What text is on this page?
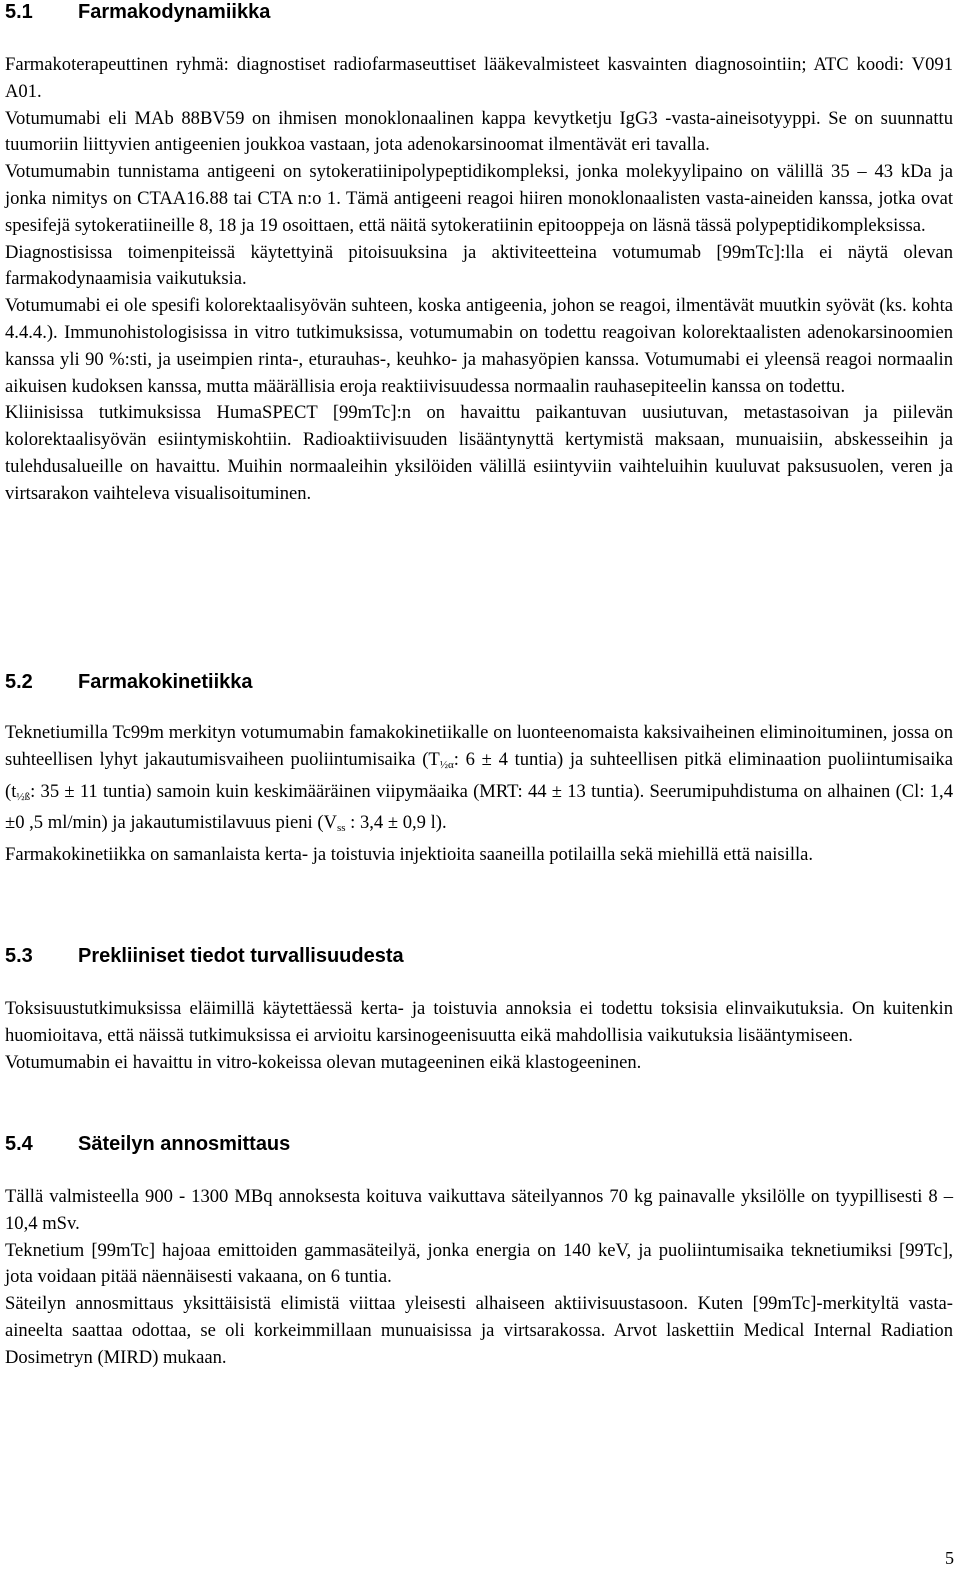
5.1	Farmakodynamiikka

Farmakoterapeuttinen ryhmä: diagnostiset radiofarmaseuttiset lääkevalmisteet kasvainten diagnosointiin; ATC koodi: V091 A01.

Votumumabi eli MAb 88BV59 on ihmisen monoklonaalinen kappa kevytketju IgG3 -vasta-aineisotyyppi. Se on suunnattu tuumoriin liittyvien antigeenien joukkoa vastaan, jota adenokarsinoomat ilmentävät eri tavalla.

Votumumabin tunnistama antigeeni on sytokeratiinipolypeptidikompleksi, jonka molekyylipaino on välillä 35 – 43 kDa ja jonka nimitys on CTAA16.88 tai CTA n:o 1. Tämä antigeeni reagoi hiiren monoklonaalisten vasta-aineiden kanssa, jotka ovat spesifejä sytokeratiineille 8, 18 ja 19 osoittaen, että näitä sytokeratiinin epitooppeja on läsnä tässä polypeptidikompleksissa.

Diagnostisissa toimenpiteissä käytettyinä pitoisuuksina ja aktiviteetteina votumumab [99mTc]:lla ei näytä olevan farmakodynaamisia vaikutuksia.

Votumumabi ei ole spesifi kolorektaalisyövän suhteen, koska antigeenia, johon se reagoi, ilmentävät muutkin syövät (ks. kohta 4.4.4.). Immunohistologisissa in vitro tutkimuksissa, votumumabin on todettu reagoivan kolorektaalisten adenokarsinoomien kanssa yli 90 %:sti, ja useimpien rinta-, eturauhas-, keuhko- ja mahasyöpien kanssa. Votumumabi ei yleensä reagoi normaalin aikuisen kudoksen kanssa, mutta määrällisia eroja reaktiivisuudessa normaalin rauhasepiteelin kanssa on todettu.

Kliinisissa tutkimuksissa HumaSPECT [99mTc]:n on havaittu paikantuvan uusiutuvan, metastasoivan ja piilevän kolorektaalisyövän esiintymiskohtiin. Radioaktiivisuuden lisääntynyttä kertymistä maksaan, munuaisiin, abskesseihin ja tulehdusalueille on havaittu. Muihin normaaleihin yksilöiden välillä esiintyviin vaihteluihin kuuluvat paksusuolen, veren ja virtsarakon vaihteleva visualisoituminen.

5.2	Farmakokinetiikka

Teknetiumilla Tc99m merkityn votumumabin famakokinetiikalle on luonteenomaista kaksivaiheinen eliminoituminen, jossa on suhteellisen lyhyt jakautumisvaiheen puoliintumisaika ($T_{\frac{1}{2}\alpha}$: 6 ± 4 tuntia) ja suhteellisen pitkä eliminaation puoliintumisaika ($t_{\frac{1}{2}ß}$: 35 ± 11 tuntia) samoin kuin keskimääräinen viipymäaika (MRT: 44 ± 13 tuntia). Seerumipuhdistuma on alhainen (Cl: 1,4 ±0 ,5 ml/min) ja jakautumistilavuus pieni ($V_{ss}$ : 3,4 ± 0,9 l).

Farmakokinetiikka on samanlaista kerta- ja toistuvia injektioita saaneilla potilailla sekä miehillä että naisilla.

5.3	Prekliiniset tiedot turvallisuudesta

Toksisuustutkimuksissa eläimillä käytettäessä kerta- ja toistuvia annoksia ei todettu toksisia elinvaikutuksia. On kuitenkin huomioitava, että näissä tutkimuksissa ei arvioitu karsinogeenisuutta eikä mahdollisia vaikutuksia lisääntymiseen.

Votumumabin ei havaittu in vitro-kokeissa olevan mutageeninen eikä klastogeeninen.

5.4	Säteilyn annosmittaus

Tällä valmisteella 900 - 1300 MBq annoksesta koituva vaikuttava säteilyannos 70 kg painavalle yksilölle on tyypillisesti 8 – 10,4 mSv.

Teknetium [99mTc] hajoaa emittoiden gammasäteilyä, jonka energia on 140 keV, ja puoliintumisaika teknetiumiksi [99Tc], jota voidaan pitää näennäisesti vakaana, on 6 tuntia.

Säteilyn annosmittaus yksittäisistä elimistä viittaa yleisesti alhaiseen aktiivisuustasoon. Kuten [99mTc]-merkityltä vasta-aineelta saattaa odottaa, se oli korkeimmillaan munuaisissa ja virtsarakossa. Arvot laskettiin Medical Internal Radiation Dosimetryn (MIRD) mukaan.

5
